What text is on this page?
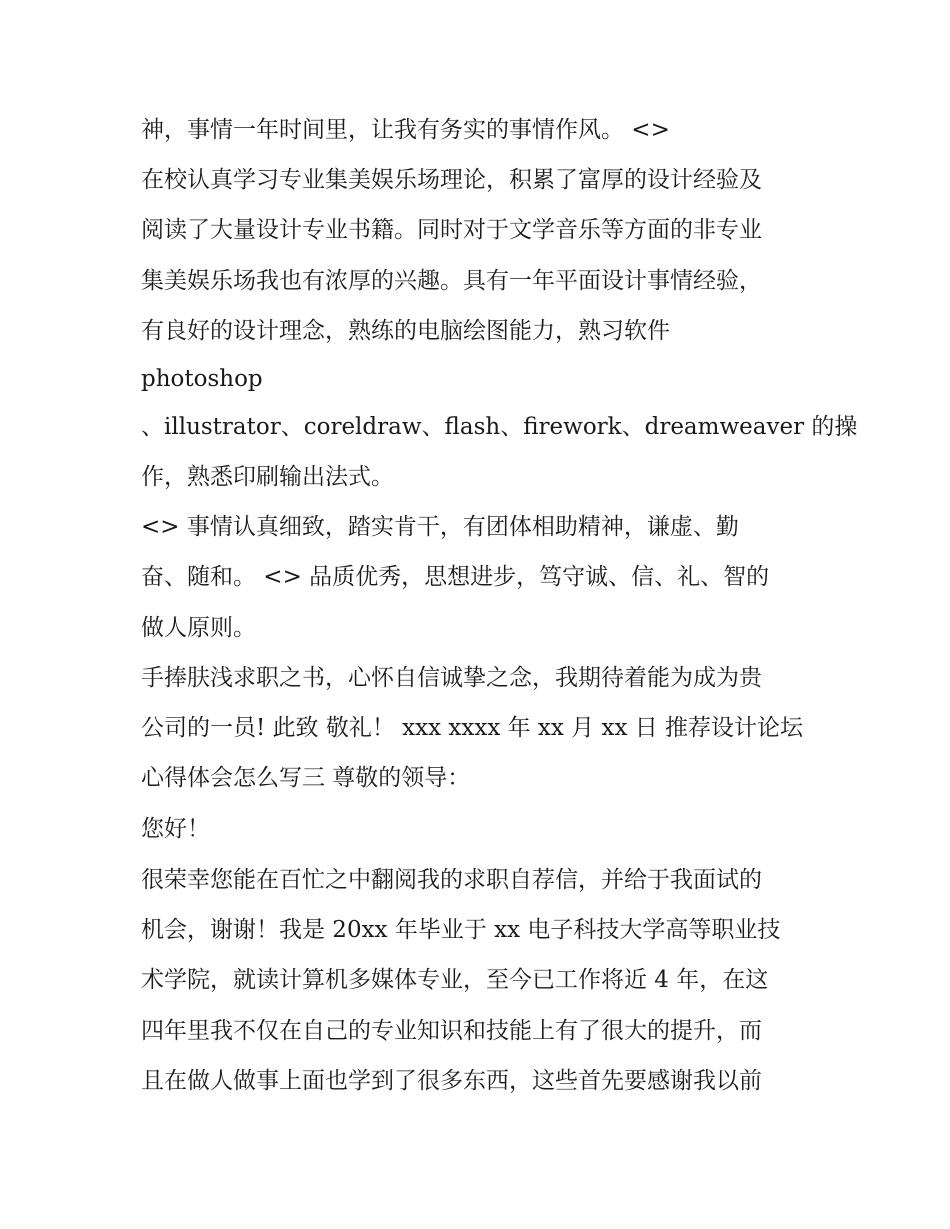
神，事情一年时间里，让我有务实的事情作风。 <>
在校认真学习专业集美娱乐场理论，积累了富厚的设计经验及
阅读了大量设计专业书籍。同时对于文学音乐等方面的非专业
集美娱乐场我也有浓厚的兴趣。具有一年平面设计事情经验，
有良好的设计理念，熟练的电脑绘图能力，熟习软件
photoshop
、illustrator、coreldraw、flash、firework、dreamweaver 的操
作，熟悉印刷输出法式。
<> 事情认真细致，踏实肯干，有团体相助精神，谦虚、勤
奋、随和。 <> 品质优秀，思想进步，笃守诚、信、礼、智的
做人原则。
手捧肤浅求职之书，心怀自信诚挚之念，我期待着能为成为贵
公司的一员! 此致 敬礼！ xxx xxxx 年 xx 月 xx 日 推荐设计论坛
心得体会怎么写三 尊敬的领导：
您好！
很荣幸您能在百忙之中翻阅我的求职自荐信，并给于我面试的
机会，谢谢！我是 20xx 年毕业于 xx 电子科技大学高等职业技
术学院，就读计算机多媒体专业，至今已工作将近 4 年，在这
四年里我不仅在自己的专业知识和技能上有了很大的提升，而
且在做人做事上面也学到了很多东西，这些首先要感谢我以前
